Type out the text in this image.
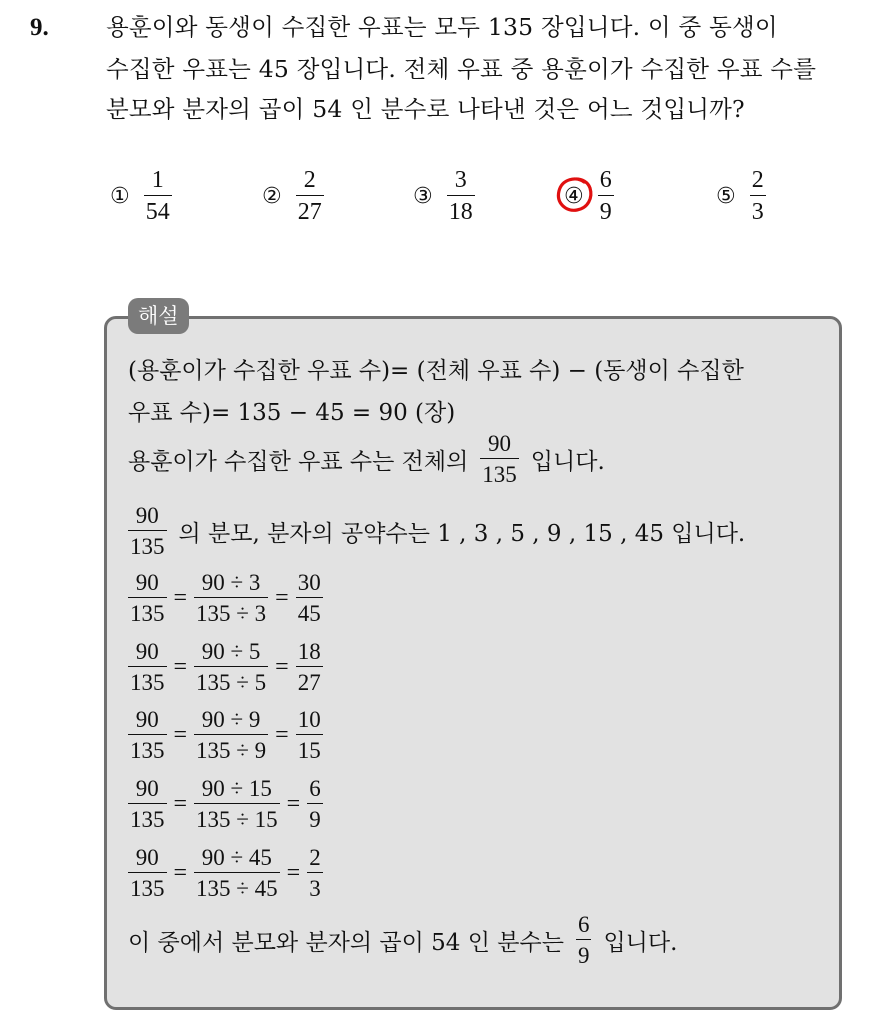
9. 용훈이와 동생이 수집한 우표는 모두 135 장입니다. 이 중 동생이
수집한 우표는 45 장입니다. 전체 우표 중 용훈이가 수집한 우표 수를
분모와 분자의 곱이 54 인 분수로 나타낸 것은 어느 것입니까?
① $\frac{1}{54}$	② $\frac{2}{27}$	③ $\frac{3}{18}$	④ $\frac{6}{9}$	⑤ $\frac{2}{3}$
해설
(용훈이가 수집한 우표 수)= (전체 우표 수) − (동생이 수집한
우표 수)= 135 − 45 = 90 (장)
용훈이가 수집한 우표 수는 전체의 $\frac{90}{135}$ 입니다.
$\frac{90}{135}$ 의 분모, 분자의 공약수는 1 , 3 , 5 , 9 , 15 , 45 입니다.
$\frac{90}{135} = \frac{90 \div 3}{135 \div 3} = \frac{30}{45}$
$\frac{90}{135} = \frac{90 \div 5}{135 \div 5} = \frac{18}{27}$
$\frac{90}{135} = \frac{90 \div 9}{135 \div 9} = \frac{10}{15}$
$\frac{90}{135} = \frac{90 \div 15}{135 \div 15} = \frac{6}{9}$
$\frac{90}{135} = \frac{90 \div 45}{135 \div 45} = \frac{2}{3}$
이 중에서 분모와 분자의 곱이 54 인 분수는 $\frac{6}{9}$ 입니다.
